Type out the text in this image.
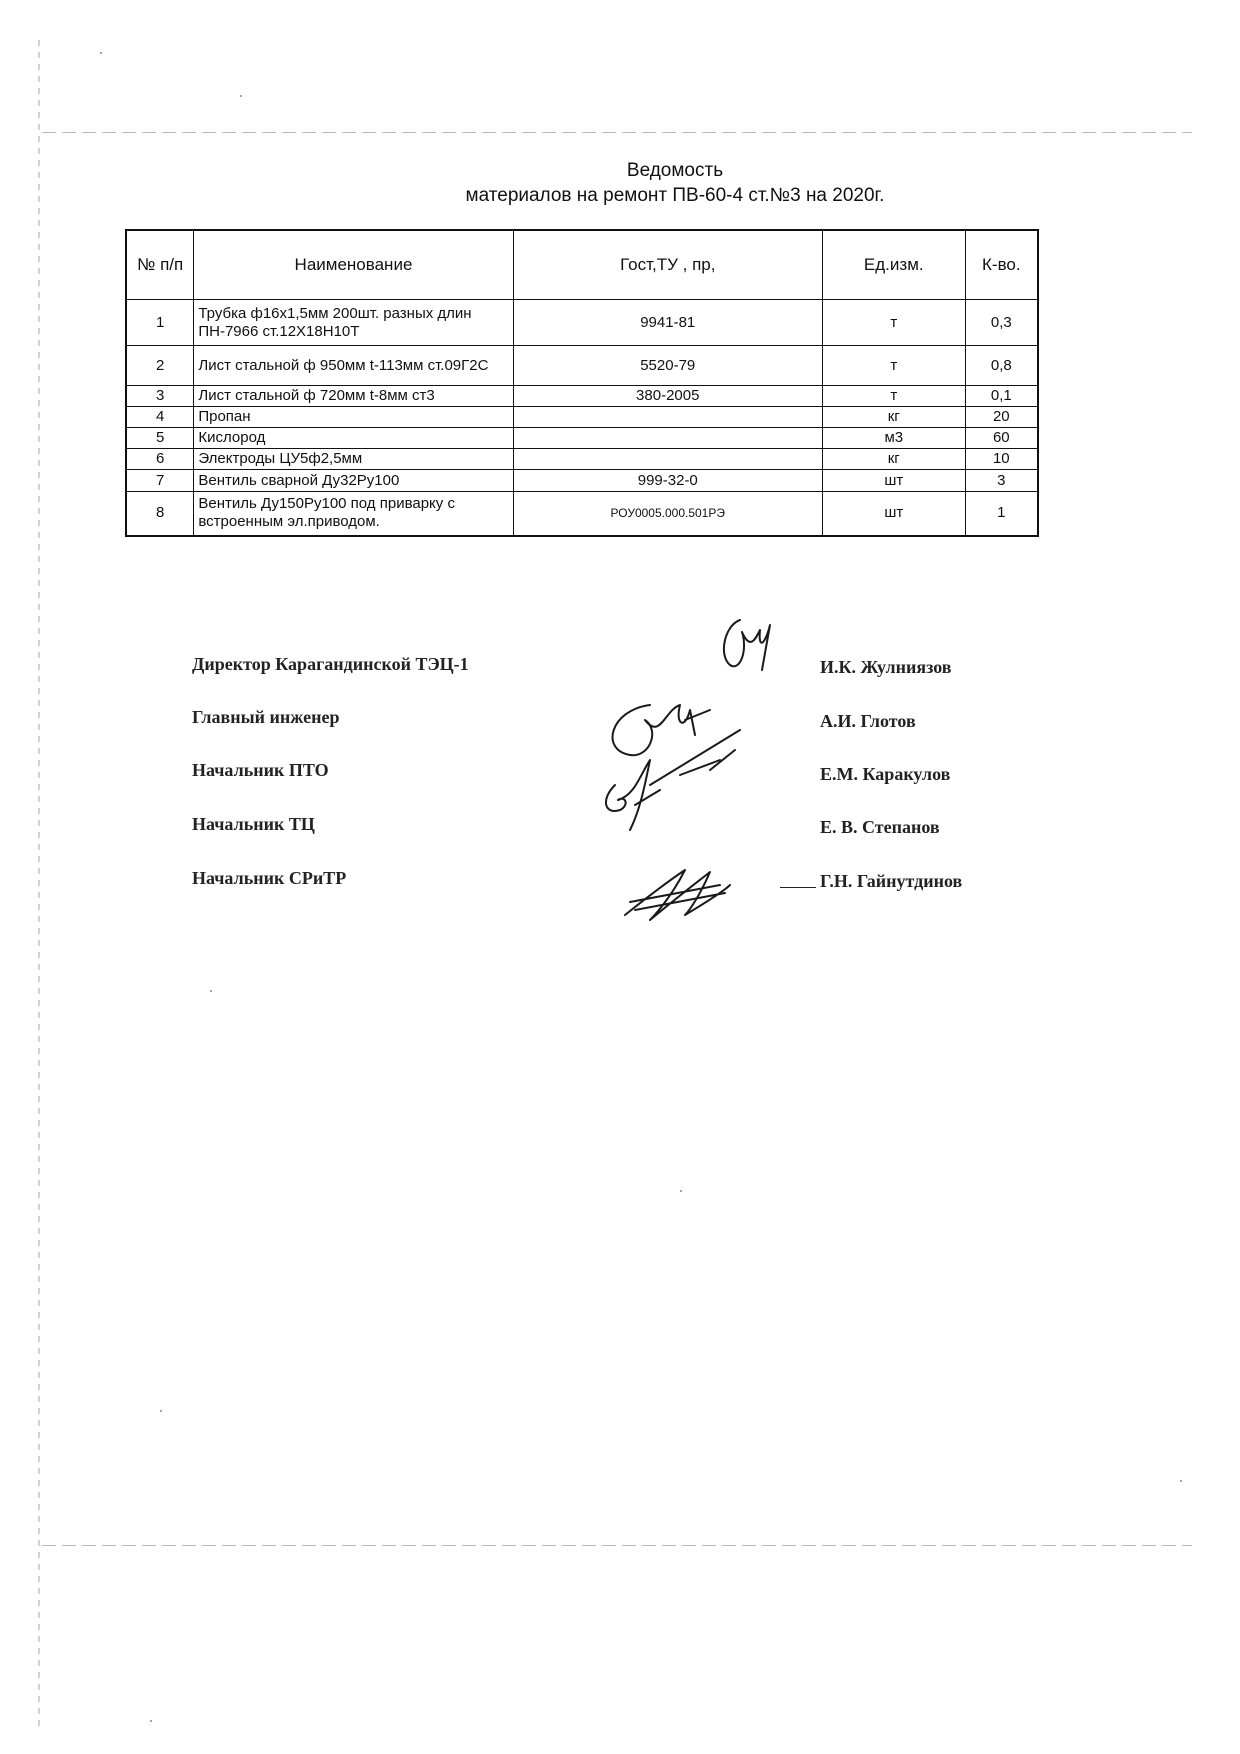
Ведомость
материалов на ремонт ПВ-60-4 ст.№3 на 2020г.
№ п/п	Наименование	Гост,ТУ , пр,	Ед.изм.	К-во.
1	Трубка ф16х1,5мм 200шт. разных длин ПН-7966 ст.12Х18Н10Т	9941-81	т	0,3
2	Лист стальной ф 950мм t-113мм ст.09Г2С	5520-79	т	0,8
3	Лист стальной ф 720мм t-8мм ст3	380-2005	т	0,1
4	Пропан		кг	20
5	Кислород		м3	60
6	Электроды ЦУ5ф2,5мм		кг	10
7	Вентиль сварной Ду32Ру100	999-32-0	шт	3
8	Вентиль Ду150Ру100 под приварку с встроенным эл.приводом.	РОУ0005.000.501РЭ	шт	1
Директор Карагандинской ТЭЦ-1
Главный инженер
Начальник ПТО
Начальник ТЦ
Начальник СРиТР
И.К. Жулниязов
А.И. Глотов
Е.М. Каракулов
Е. В. Степанов
Г.Н. Гайнутдинов
